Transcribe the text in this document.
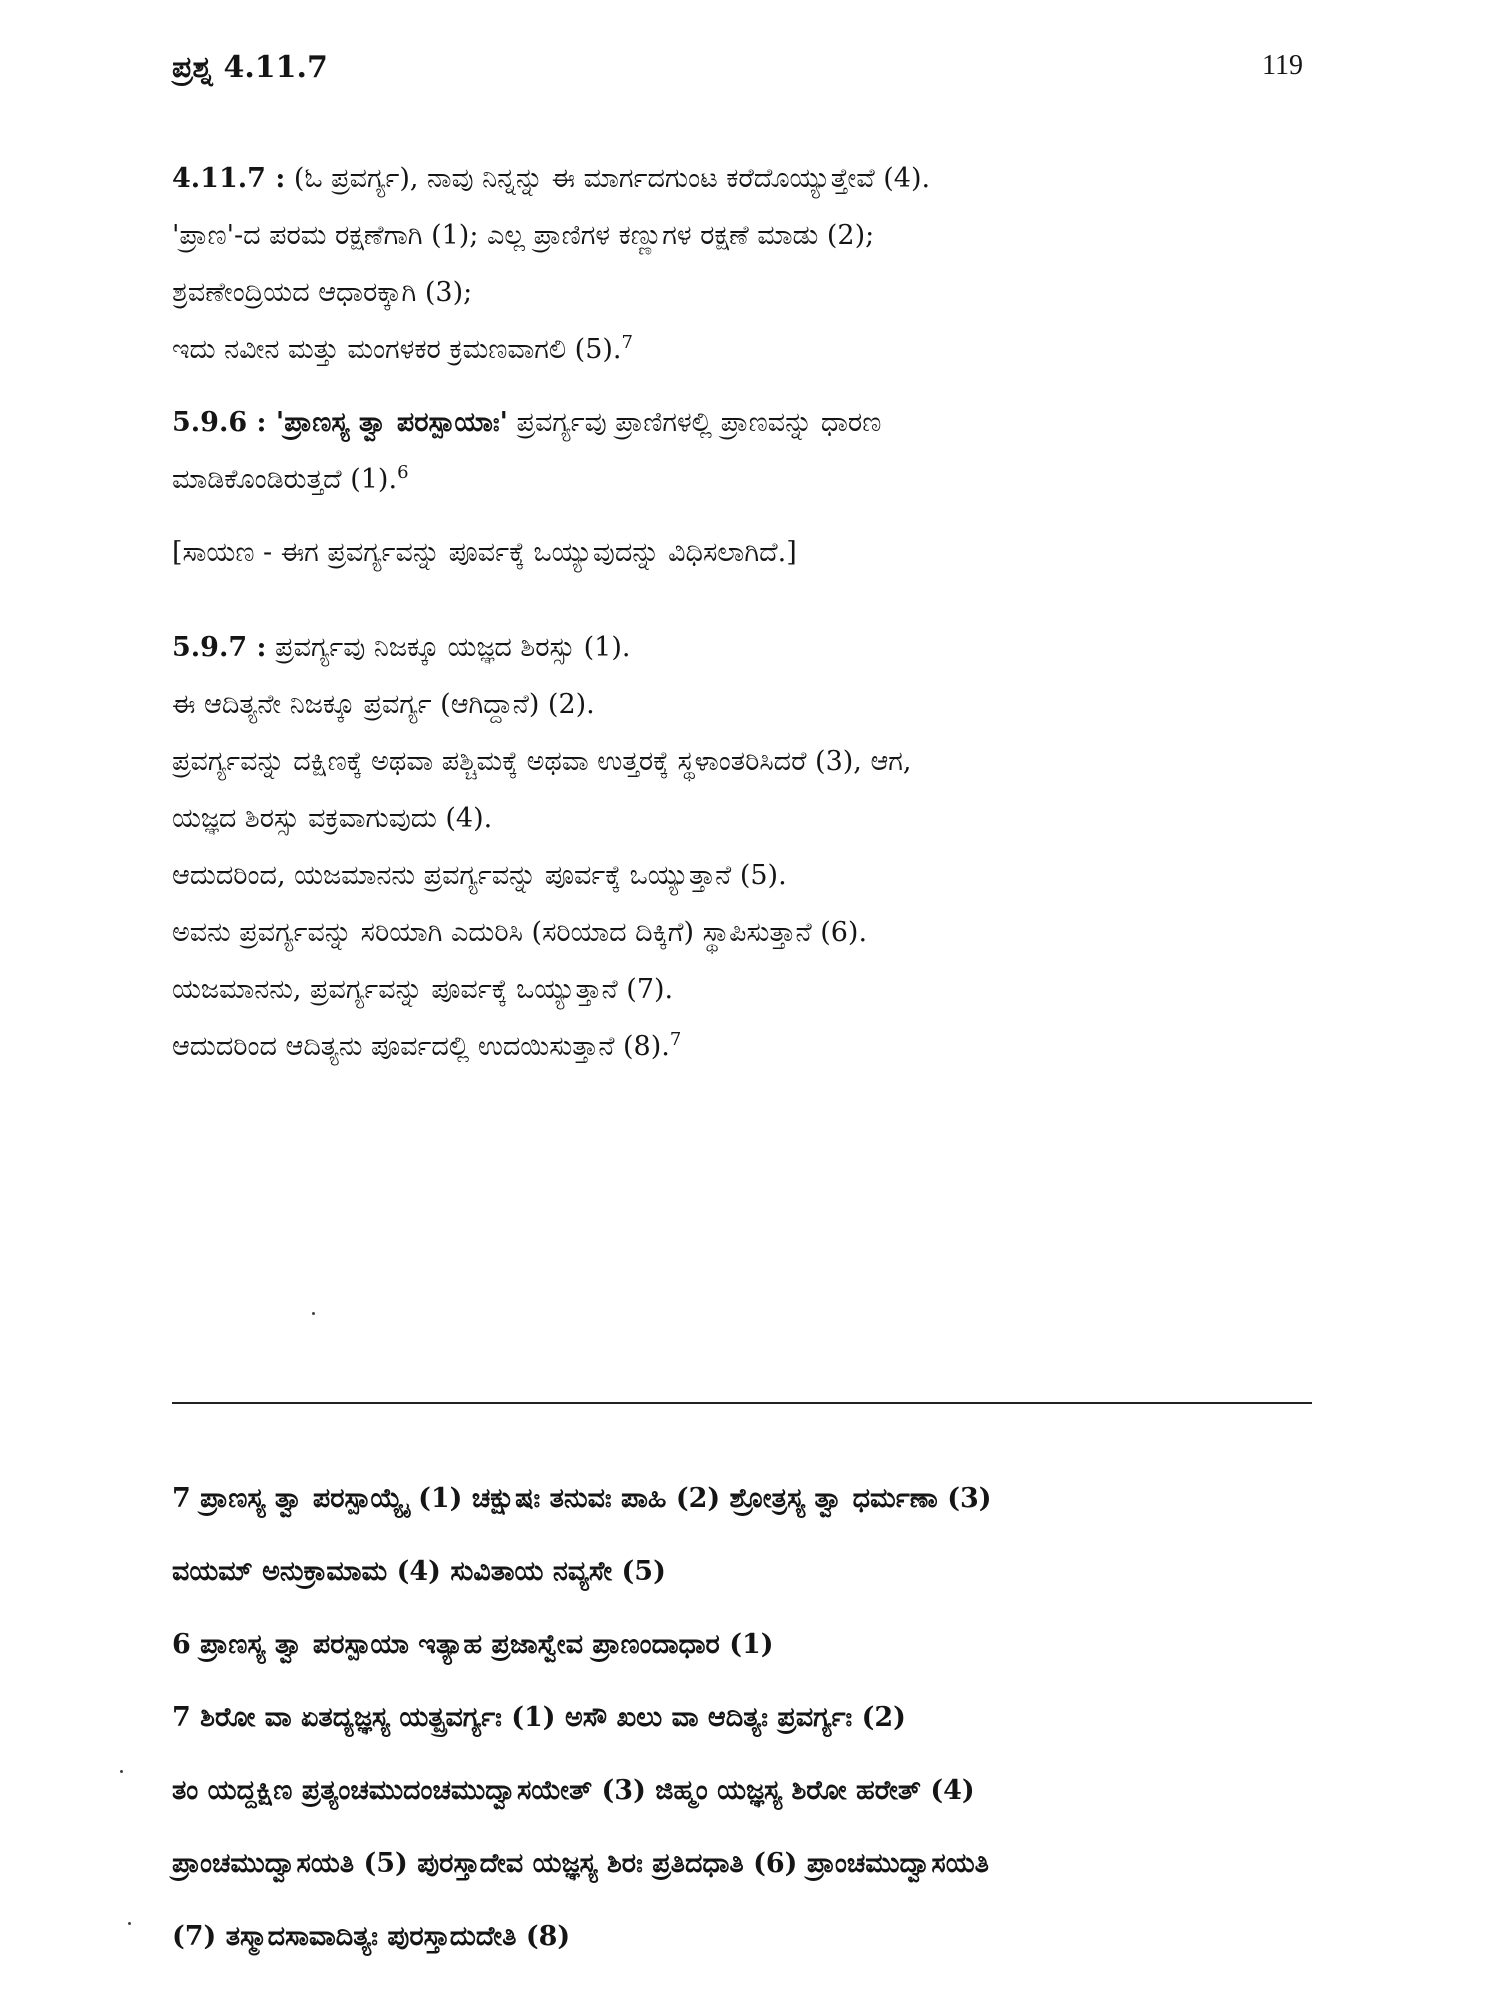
ಪ್ರಶ್ನ 4.11.7	119
4.11.7 : (ಓ ಪ್ರವರ್ಗ್ಯ), ನಾವು ನಿನ್ನನ್ನು ಈ ಮಾರ್ಗದಗುಂಟ ಕರೆದೊಯ್ಯುತ್ತೇವೆ (4).
'ಪ್ರಾಣ'-ದ ಪರಮ ರಕ್ಷಣೆಗಾಗಿ (1); ಎಲ್ಲ ಪ್ರಾಣಿಗಳ ಕಣ್ಣುಗಳ ರಕ್ಷಣೆ ಮಾಡು (2);
ಶ್ರವಣೇಂದ್ರಿಯದ ಆಧಾರಕ್ಕಾಗಿ (3);
ಇದು ನವೀನ ಮತ್ತು ಮಂಗಳಕರ ಕ್ರಮಣವಾಗಲಿ (5).$^7$
5.9.6 : 'ಪ್ರಾಣಸ್ಯ ತ್ವಾ ಪರಸ್ಪಾಯಾಃ' ಪ್ರವರ್ಗ್ಯವು ಪ್ರಾಣಿಗಳಲ್ಲಿ ಪ್ರಾಣವನ್ನು ಧಾರಣ
ಮಾಡಿಕೊಂಡಿರುತ್ತದೆ (1).$^6$
[ಸಾಯಣ - ಈಗ ಪ್ರವರ್ಗ್ಯವನ್ನು ಪೂರ್ವಕ್ಕೆ ಒಯ್ಯುವುದನ್ನು ವಿಧಿಸಲಾಗಿದೆ.]
5.9.7 : ಪ್ರವರ್ಗ್ಯವು ನಿಜಕ್ಕೂ ಯಜ್ಞದ ಶಿರಸ್ಸು (1).
ಈ ಆದಿತ್ಯನೇ ನಿಜಕ್ಕೂ ಪ್ರವರ್ಗ್ಯ (ಆಗಿದ್ದಾನೆ) (2).
ಪ್ರವರ್ಗ್ಯವನ್ನು ದಕ್ಷಿಣಕ್ಕೆ ಅಥವಾ ಪಶ್ಚಿಮಕ್ಕೆ ಅಥವಾ ಉತ್ತರಕ್ಕೆ ಸ್ಥಳಾಂತರಿಸಿದರೆ (3), ಆಗ,
ಯಜ್ಞದ ಶಿರಸ್ಸು ವಕ್ರವಾಗುವುದು (4).
ಆದುದರಿಂದ, ಯಜಮಾನನು ಪ್ರವರ್ಗ್ಯವನ್ನು ಪೂರ್ವಕ್ಕೆ ಒಯ್ಯುತ್ತಾನೆ (5).
ಅವನು ಪ್ರವರ್ಗ್ಯವನ್ನು ಸರಿಯಾಗಿ ಎದುರಿಸಿ (ಸರಿಯಾದ ದಿಕ್ಕಿಗೆ) ಸ್ಥಾಪಿಸುತ್ತಾನೆ (6).
ಯಜಮಾನನು, ಪ್ರವರ್ಗ್ಯವನ್ನು ಪೂರ್ವಕ್ಕೆ ಒಯ್ಯುತ್ತಾನೆ (7).
ಆದುದರಿಂದ ಆದಿತ್ಯನು ಪೂರ್ವದಲ್ಲಿ ಉದಯಿಸುತ್ತಾನೆ (8).$^7$
7 ಪ್ರಾಣಸ್ಯ ತ್ವಾ ಪರಸ್ಪಾಯ್ಯೈ (1) ಚಕ್ಷುಷಃ ತನುವಃ ಪಾಹಿ (2) ಶ್ರೋತ್ರಸ್ಯ ತ್ವಾ ಧರ್ಮಣಾ (3)
ವಯಮ್ ಅನುಕ್ರಾಮಾಮ (4) ಸುವಿತಾಯ ನವ್ಯಸೇ (5)
6 ಪ್ರಾಣಸ್ಯ ತ್ವಾ ಪರಸ್ಪಾಯಾ ಇತ್ಯಾಹ ಪ್ರಜಾಸ್ವೇವ ಪ್ರಾಣಂದಾಧಾರ (1)
7 ಶಿರೋ ವಾ ಏತದ್ಯಜ್ಞಸ್ಯ ಯತ್ಪ್ರವರ್ಗ್ಯಃ (1) ಅಸೌ ಖಲು ವಾ ಆದಿತ್ಯಃ ಪ್ರವರ್ಗ್ಯಃ (2)
ತಂ ಯದ್ದಕ್ಷಿಣ ಪ್ರತ್ಯಂಚಮುದಂಚಮುದ್ವಾಸಯೇತ್ (3) ಜಿಹ್ಮಂ ಯಜ್ಞಸ್ಯ ಶಿರೋ ಹರೇತ್ (4)
ಪ್ರಾಂಚಮುದ್ವಾಸಯತಿ (5) ಪುರಸ್ತಾದೇವ ಯಜ್ಞಸ್ಯ ಶಿರಃ ಪ್ರತಿದಧಾತಿ (6) ಪ್ರಾಂಚಮುದ್ವಾಸಯತಿ
(7) ತಸ್ಮಾದಸಾವಾದಿತ್ಯಃ ಪುರಸ್ತಾದುದೇತಿ (8)
